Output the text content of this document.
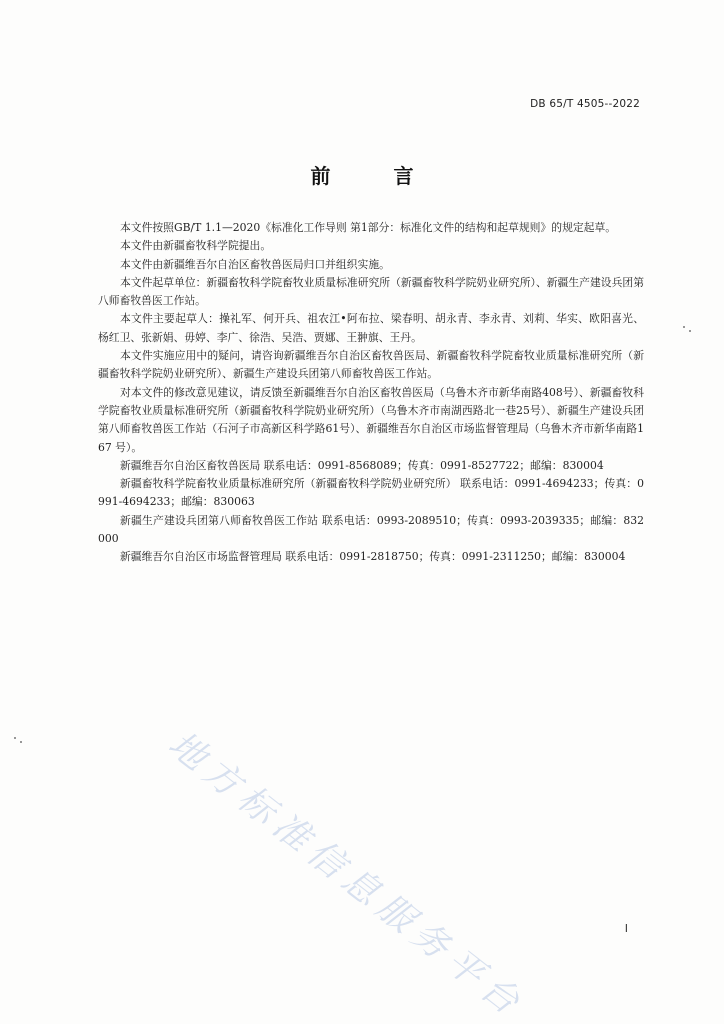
DB 65/T 4505--2022
前 言

本文件按照GB/T 1.1—2020《标准化工作导则 第1部分：标准化文件的结构和起草规则》的规定起草。

本文件由新疆畜牧科学院提出。

本文件由新疆维吾尔自治区畜牧兽医局归口并组织实施。

本文件起草单位：新疆畜牧科学院畜牧业质量标准研究所（新疆畜牧科学院奶业研究所）、新疆生产建设兵团第八师畜牧兽医工作站。

本文件主要起草人：操礼军、何开兵、祖农江•阿布拉、梁春明、胡永青、李永青、刘莉、华实、欧阳喜光、杨红卫、张新娟、毋婷、李广、徐浩、吴浩、贾娜、王翀旗、王丹。

本文件实施应用中的疑问，请咨询新疆维吾尔自治区畜牧兽医局、新疆畜牧科学院畜牧业质量标准研究所（新疆畜牧科学院奶业研究所）、新疆生产建设兵团第八师畜牧兽医工作站。

对本文件的修改意见建议，请反馈至新疆维吾尔自治区畜牧兽医局（乌鲁木齐市新华南路408号）、新疆畜牧科学院畜牧业质量标准研究所（新疆畜牧科学院奶业研究所）（乌鲁木齐市南湖西路北一巷25号）、新疆生产建设兵团第八师畜牧兽医工作站（石河子市高新区科学路61号）、新疆维吾尔自治区市场监督管理局（乌鲁木齐市新华南路167 号）。

新疆维吾尔自治区畜牧兽医局 联系电话：0991-8568089；传真：0991-8527722；邮编：830004

新疆畜牧科学院畜牧业质量标准研究所（新疆畜牧科学院奶业研究所） 联系电话：0991-4694233；传真：0991-4694233；邮编：830063

新疆生产建设兵团第八师畜牧兽医工作站 联系电话：0993-2089510；传真：0993-2039335；邮编：832000

新疆维吾尔自治区市场监督管理局 联系电话：0991-2818750；传真：0991-2311250；邮编：830004

地方标准信息服务平台	I
